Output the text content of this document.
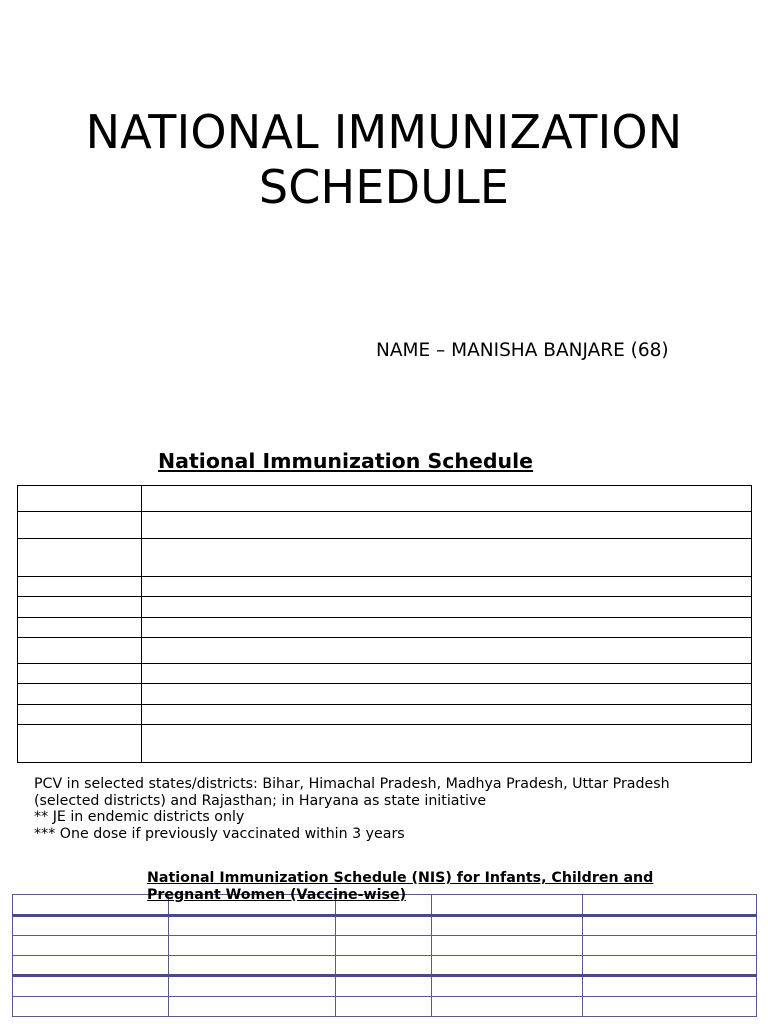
NATIONAL IMMUNIZATION
SCHEDULE
NAME – MANISHA BANJARE (68)
National Immunization Schedule

PCV in selected states/districts: Bihar, Himachal Pradesh, Madhya Pradesh, Uttar Pradesh

(selected districts) and Rajasthan; in Haryana as state initiative

** JE in endemic districts only

*** One dose if previously vaccinated within 3 years

National Immunization Schedule (NIS) for Infants, Children and
Pregnant Women (Vaccine-wise)
